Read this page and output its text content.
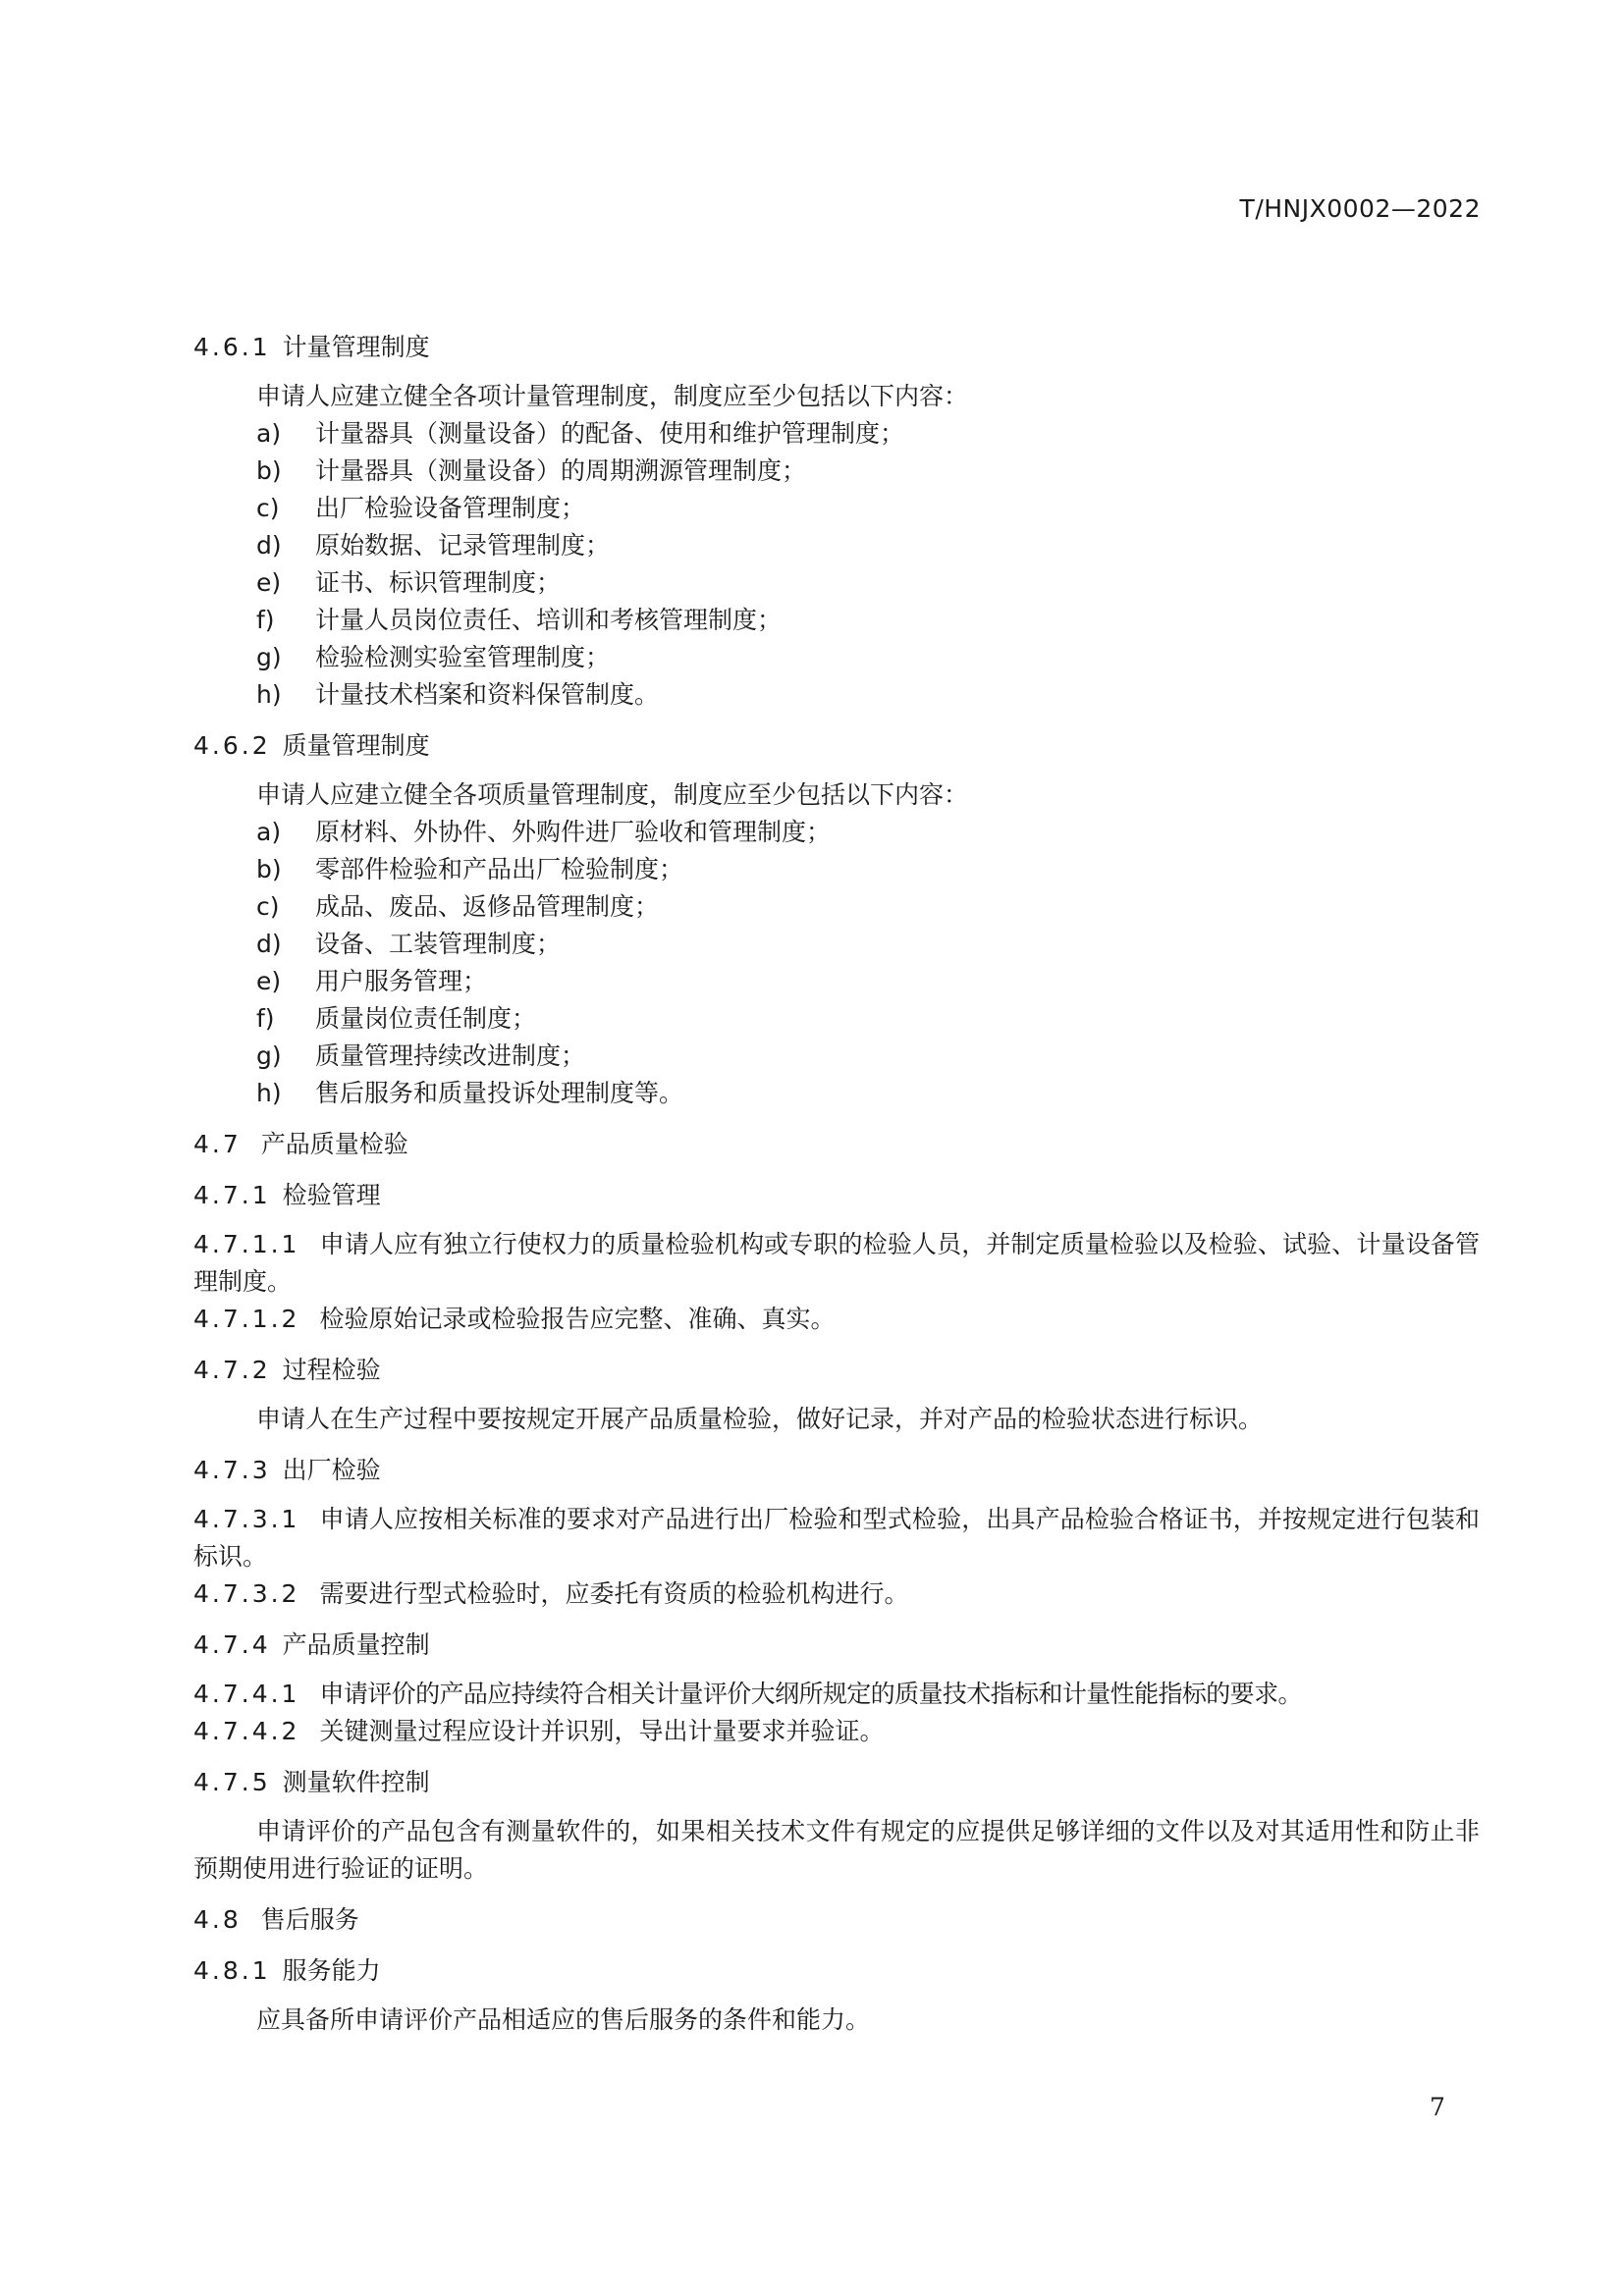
T/HNJX0002—2022
4.6.1 计量管理制度
申请人应建立健全各项计量管理制度，制度应至少包括以下内容：
a) 计量器具（测量设备）的配备、使用和维护管理制度；
b) 计量器具（测量设备）的周期溯源管理制度；
c) 出厂检验设备管理制度；
d) 原始数据、记录管理制度；
e) 证书、标识管理制度；
f) 计量人员岗位责任、培训和考核管理制度；
g) 检验检测实验室管理制度；
h) 计量技术档案和资料保管制度。
4.6.2 质量管理制度
申请人应建立健全各项质量管理制度，制度应至少包括以下内容：
a) 原材料、外协件、外购件进厂验收和管理制度；
b) 零部件检验和产品出厂检验制度；
c) 成品、废品、返修品管理制度；
d) 设备、工装管理制度；
e) 用户服务管理；
f) 质量岗位责任制度；
g) 质量管理持续改进制度；
h) 售后服务和质量投诉处理制度等。
4.7 产品质量检验
4.7.1 检验管理
4.7.1.1 申请人应有独立行使权力的质量检验机构或专职的检验人员，并制定质量检验以及检验、试验、计量设备管理制度。
4.7.1.2 检验原始记录或检验报告应完整、准确、真实。
4.7.2 过程检验
申请人在生产过程中要按规定开展产品质量检验，做好记录，并对产品的检验状态进行标识。
4.7.3 出厂检验
4.7.3.1 申请人应按相关标准的要求对产品进行出厂检验和型式检验，出具产品检验合格证书，并按规定进行包装和标识。
4.7.3.2 需要进行型式检验时，应委托有资质的检验机构进行。
4.7.4 产品质量控制
4.7.4.1 申请评价的产品应持续符合相关计量评价大纲所规定的质量技术指标和计量性能指标的要求。
4.7.4.2 关键测量过程应设计并识别，导出计量要求并验证。
4.7.5 测量软件控制
申请评价的产品包含有测量软件的，如果相关技术文件有规定的应提供足够详细的文件以及对其适用性和防止非预期使用进行验证的证明。
4.8 售后服务
4.8.1 服务能力
应具备所申请评价产品相适应的售后服务的条件和能力。
7
